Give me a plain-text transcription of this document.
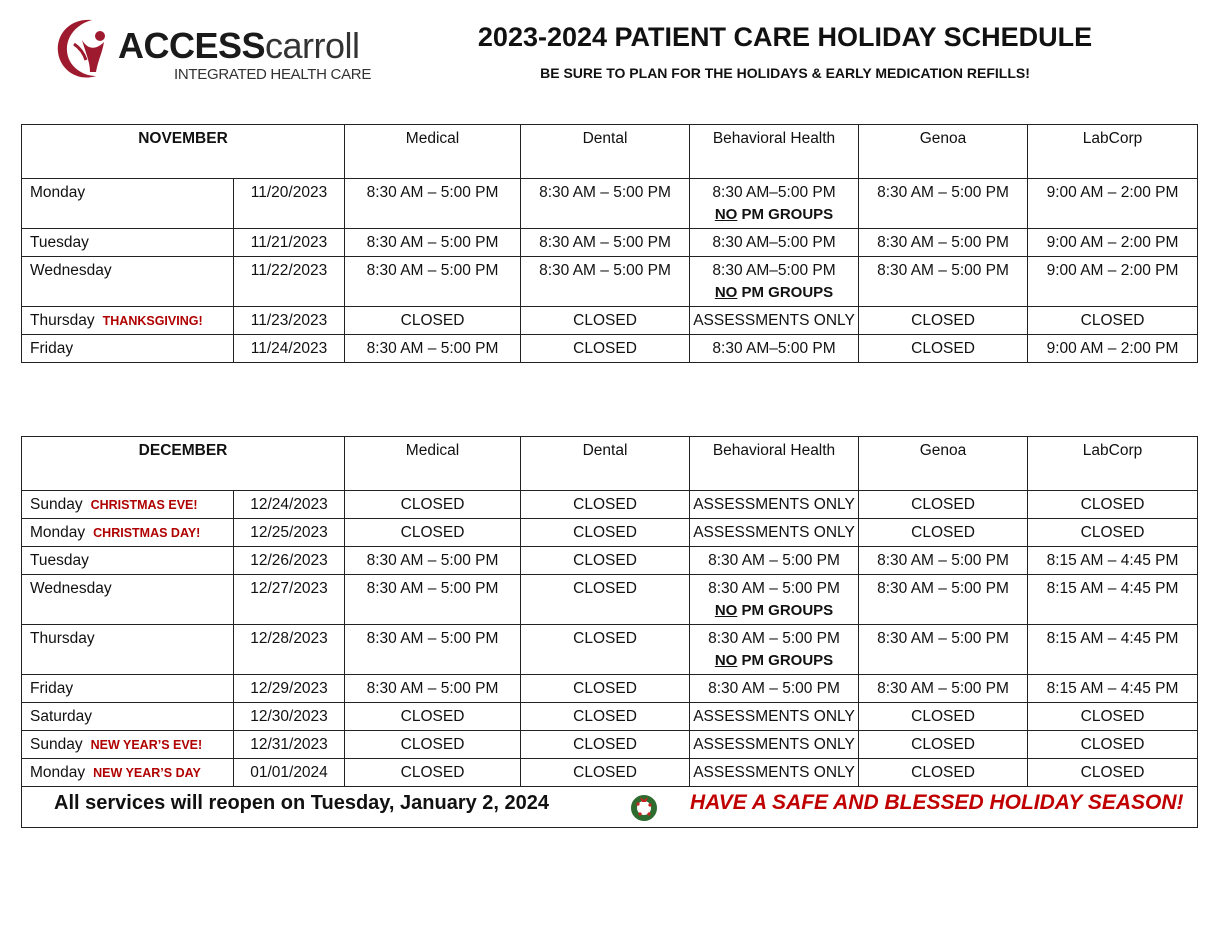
ACCESScarroll
INTEGRATED HEALTH CARE
2023-2024 PATIENT CARE HOLIDAY SCHEDULE
BE SURE TO PLAN FOR THE HOLIDAYS & EARLY MEDICATION REFILLS!
NOVEMBER		Medical	Dental	Behavioral Health	Genoa	LabCorp
Monday	11/20/2023	8:30 AM – 5:00 PM	8:30 AM – 5:00 PM	8:30 AM–5:00 PM
NO PM GROUPS	8:30 AM – 5:00 PM	9:00 AM – 2:00 PM
Tuesday	11/21/2023	8:30 AM – 5:00 PM	8:30 AM – 5:00 PM	8:30 AM–5:00 PM	8:30 AM – 5:00 PM	9:00 AM – 2:00 PM
Wednesday	11/22/2023	8:30 AM – 5:00 PM	8:30 AM – 5:00 PM	8:30 AM–5:00 PM
NO PM GROUPS	8:30 AM – 5:00 PM	9:00 AM – 2:00 PM
Thursday THANKSGIVING!	11/23/2023	CLOSED	CLOSED	ASSESSMENTS ONLY	CLOSED	CLOSED
Friday	11/24/2023	8:30 AM – 5:00 PM	CLOSED	8:30 AM–5:00 PM	CLOSED	9:00 AM – 2:00 PM
DECEMBER		Medical	Dental	Behavioral Health	Genoa	LabCorp
Sunday CHRISTMAS EVE!	12/24/2023	CLOSED	CLOSED	ASSESSMENTS ONLY	CLOSED	CLOSED
Monday CHRISTMAS DAY!	12/25/2023	CLOSED	CLOSED	ASSESSMENTS ONLY	CLOSED	CLOSED
Tuesday	12/26/2023	8:30 AM – 5:00 PM	CLOSED	8:30 AM – 5:00 PM	8:30 AM – 5:00 PM	8:15 AM – 4:45 PM
Wednesday	12/27/2023	8:30 AM – 5:00 PM	CLOSED	8:30 AM – 5:00 PM
NO PM GROUPS	8:30 AM – 5:00 PM	8:15 AM – 4:45 PM
Thursday	12/28/2023	8:30 AM – 5:00 PM	CLOSED	8:30 AM – 5:00 PM
NO PM GROUPS	8:30 AM – 5:00 PM	8:15 AM – 4:45 PM
Friday	12/29/2023	8:30 AM – 5:00 PM	CLOSED	8:30 AM – 5:00 PM	8:30 AM – 5:00 PM	8:15 AM – 4:45 PM
Saturday	12/30/2023	CLOSED	CLOSED	ASSESSMENTS ONLY	CLOSED	CLOSED
Sunday NEW YEAR’S EVE!	12/31/2023	CLOSED	CLOSED	ASSESSMENTS ONLY	CLOSED	CLOSED
Monday NEW YEAR’S DAY	01/01/2024	CLOSED	CLOSED	ASSESSMENTS ONLY	CLOSED	CLOSED

All services will reopen on Tuesday, January 2, 2024 HAVE A SAFE AND BLESSED HOLIDAY SEASON!						
